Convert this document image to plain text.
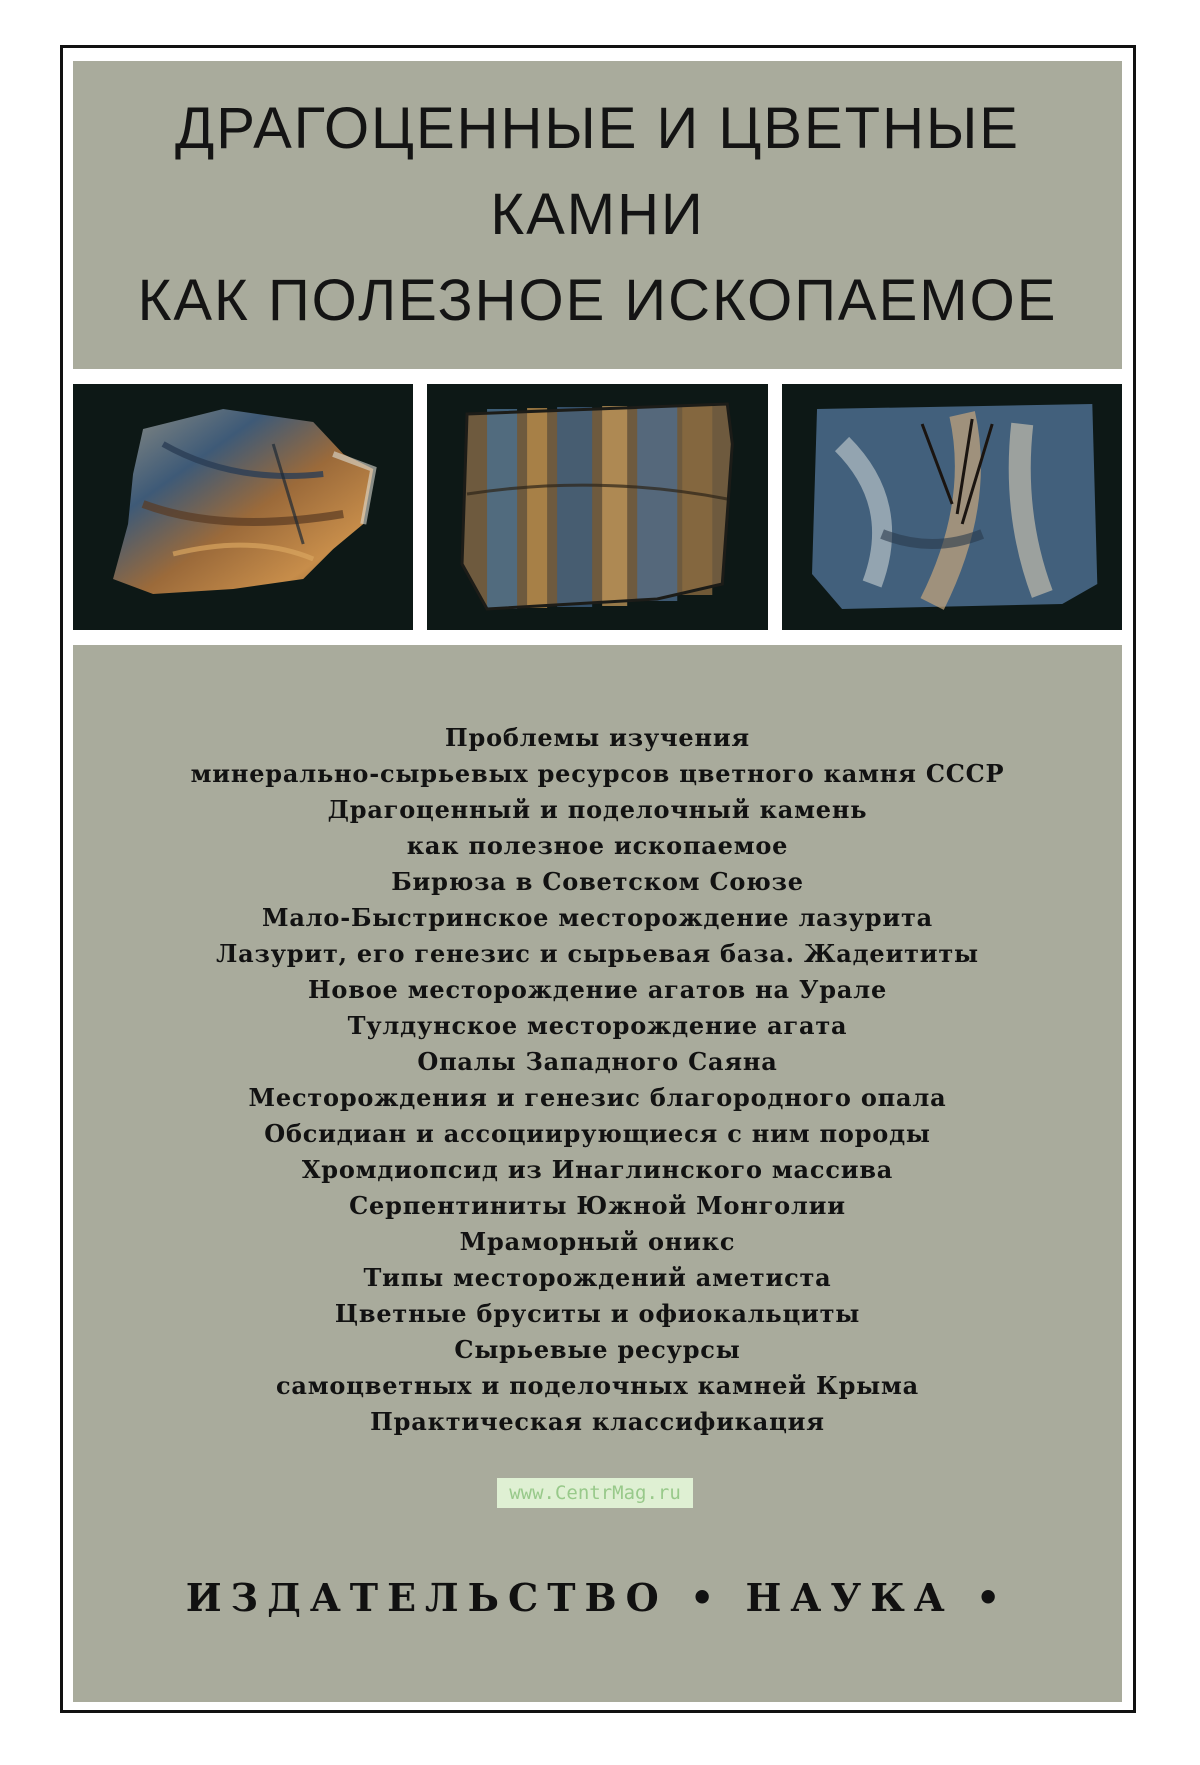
ДРАГОЦЕННЫЕ И ЦВЕТНЫЕ
КАМНИ
КАК ПОЛЕЗНОЕ ИСКОПАЕМОЕ
Проблемы изучения
минерально-сырьевых ресурсов цветного камня СССР
Драгоценный и поделочный камень
как полезное ископаемое
Бирюза в Советском Союзе
Мало-Быстринское месторождение лазурита
Лазурит, его генезис и сырьевая база. Жадеититы
Новое месторождение агатов на Урале
Тулдунское месторождение агата
Опалы Западного Саяна
Месторождения и генезис благородного опала
Обсидиан и ассоциирующиеся с ним породы
Хромдиопсид из Инаглинского массива
Серпентиниты Южной Монголии
Мраморный оникс
Типы месторождений аметиста
Цветные бруситы и офиокальциты
Сырьевые ресурсы
самоцветных и поделочных камней Крыма
Практическая классификация
www.CentrMag.ru
ИЗДАТЕЛЬСТВО • НАУКА •
